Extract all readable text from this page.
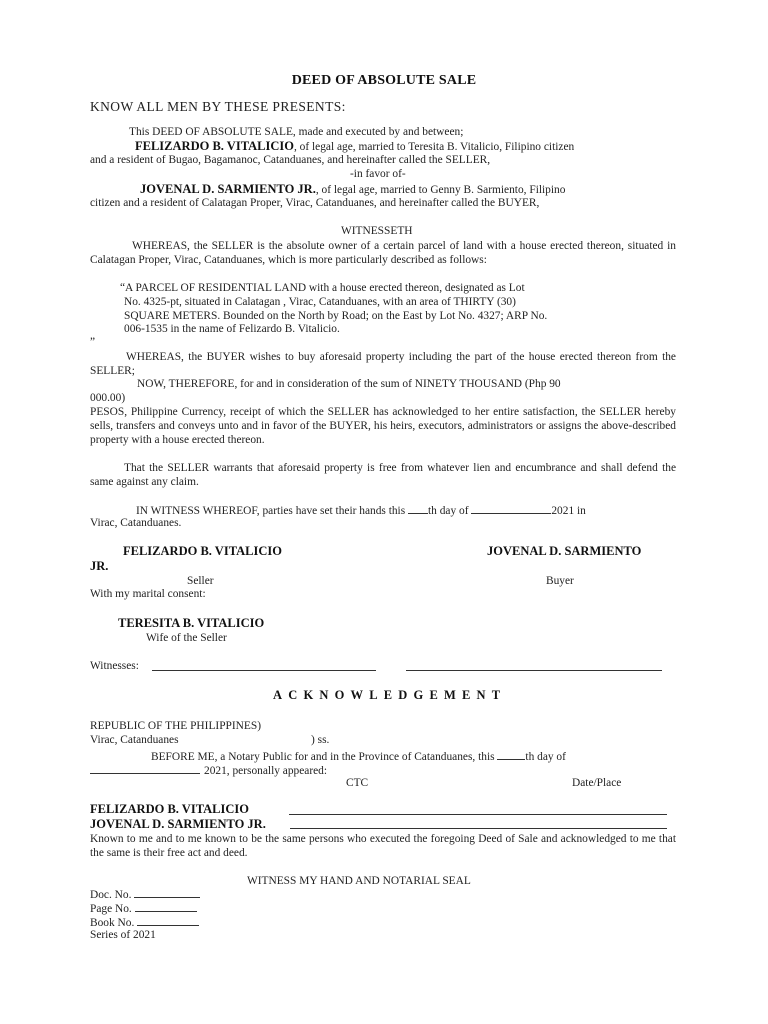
DEED OF ABSOLUTE SALE
KNOW ALL MEN BY THESE PRESENTS:
This DEED OF ABSOLUTE SALE, made and executed by and between;
FELIZARDO B. VITALICIO, of legal age, married to Teresita B. Vitalicio, Filipino citizen
and a resident of Bugao, Bagamanoc, Catanduanes, and hereinafter called the SELLER,
-in favor of-
JOVENAL D. SARMIENTO JR., of legal age, married to Genny B. Sarmiento, Filipino
citizen and a resident of Calatagan Proper, Virac, Catanduanes, and hereinafter called the BUYER,
WITNESSETH
WHEREAS, the SELLER is the absolute owner of a certain parcel of land with a house erected thereon, situated in Calatagan Proper, Virac, Catanduanes, which is more particularly described as follows:
“A PARCEL OF RESIDENTIAL LAND with a house erected thereon, designated as Lot
No. 4325-pt, situated in Calatagan , Virac, Catanduanes, with an area of THIRTY (30)
SQUARE METERS. Bounded on the North by Road; on the East by Lot No. 4327; ARP No.
006-1535 in the name of Felizardo B. Vitalicio.
”
WHEREAS, the BUYER wishes to buy aforesaid property including the part of the house erected thereon from the SELLER;
NOW, THEREFORE, for and in consideration of the sum of NINETY THOUSAND (Php 90
000.00)
PESOS, Philippine Currency, receipt of which the SELLER has acknowledged to her entire satisfaction, the SELLER hereby sells, transfers and conveys unto and in favor of the BUYER, his heirs, executors, administrators or assigns the above-described property with a house erected thereon.
That the SELLER warrants that aforesaid property is free from whatever lien and encumbrance and shall defend the same against any claim.
IN WITNESS WHEREOF, parties have set their hands this th day of	2021 in
Virac, Catanduanes.
FELIZARDO B. VITALICIO	JOVENAL D. SARMIENTO
JR.
Seller	Buyer
With my marital consent:
TERESITA B. VITALICIO
Wife of the Seller
Witnesses:
ACKNOWLEDGEMENT
REPUBLIC OF THE PHILIPPINES)
Virac, Catanduanes	) ss.
BEFORE ME, a Notary Public for and in the Province of Catanduanes, this th day of
2021, personally appeared:
CTC	Date/Place
FELIZARDO B. VITALICIO
JOVENAL D. SARMIENTO JR.
Known to me and to me known to be the same persons who executed the foregoing Deed of Sale and acknowledged to me that the same is their free act and deed.
WITNESS MY HAND AND NOTARIAL SEAL
Doc. No.
Page No.
Book No.
Series of 2021
